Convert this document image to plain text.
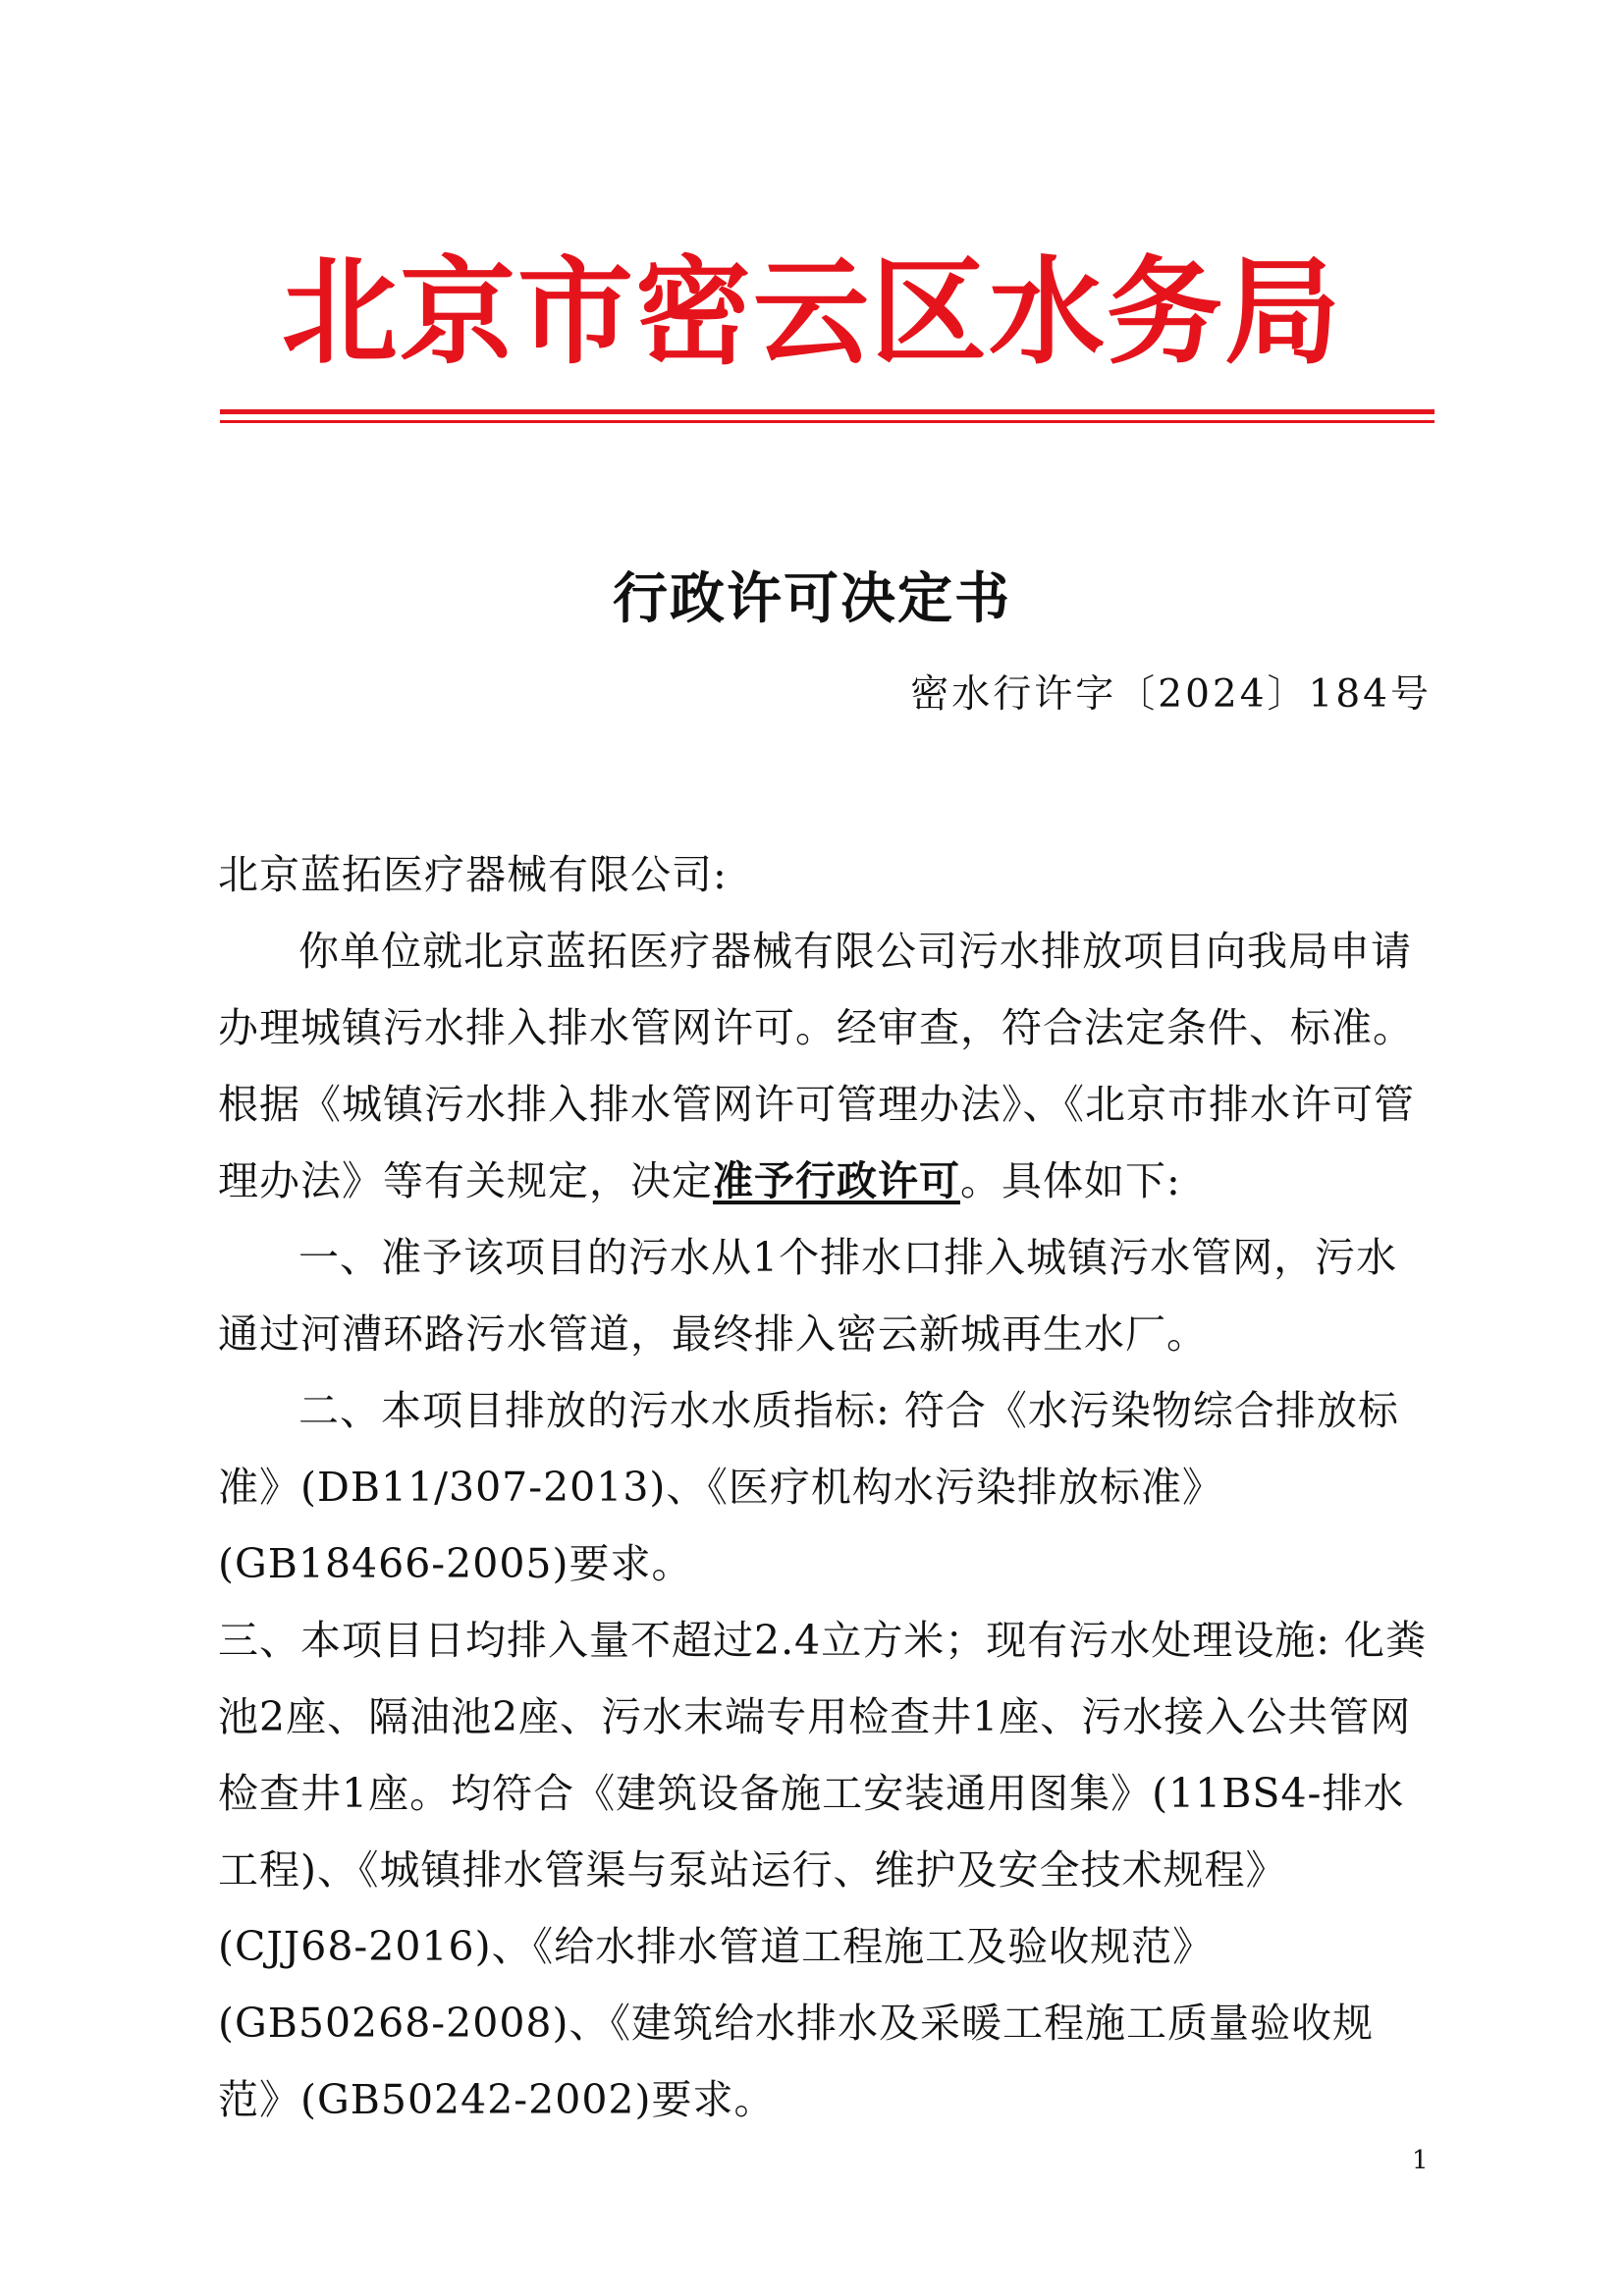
北京市密云区水务局
行政许可决定书
密水行许字〔2024〕184号

北京蓝拓医疗器械有限公司:

你单位就北京蓝拓医疗器械有限公司污水排放项目向我局申请办理城镇污水排入排水管网许可。经审查，符合法定条件、标准。根据《城镇污水排入排水管网许可管理办法》、《北京市排水许可管理办法》等有关规定，决定准予行政许可。具体如下:

一、准予该项目的污水从1个排水口排入城镇污水管网，污水通过河漕环路污水管道，最终排入密云新城再生水厂。

二、本项目排放的污水水质指标: 符合《水污染物综合排放标准》(DB11/307-2013)、《医疗机构水污染排放标准》(GB18466-2005)要求。

三、本项目日均排入量不超过2.4立方米；现有污水处理设施: 化粪池2座、隔油池2座、污水末端专用检查井1座、污水接入公共管网检查井1座。均符合《建筑设备施工安装通用图集》(11BS4-排水工程)、《城镇排水管渠与泵站运行、维护及安全技术规程》(CJJ68-2016)、《给水排水管道工程施工及验收规范》(GB50268-2008)、《建筑给水排水及采暖工程施工质量验收规范》(GB50242-2002)要求。

1
